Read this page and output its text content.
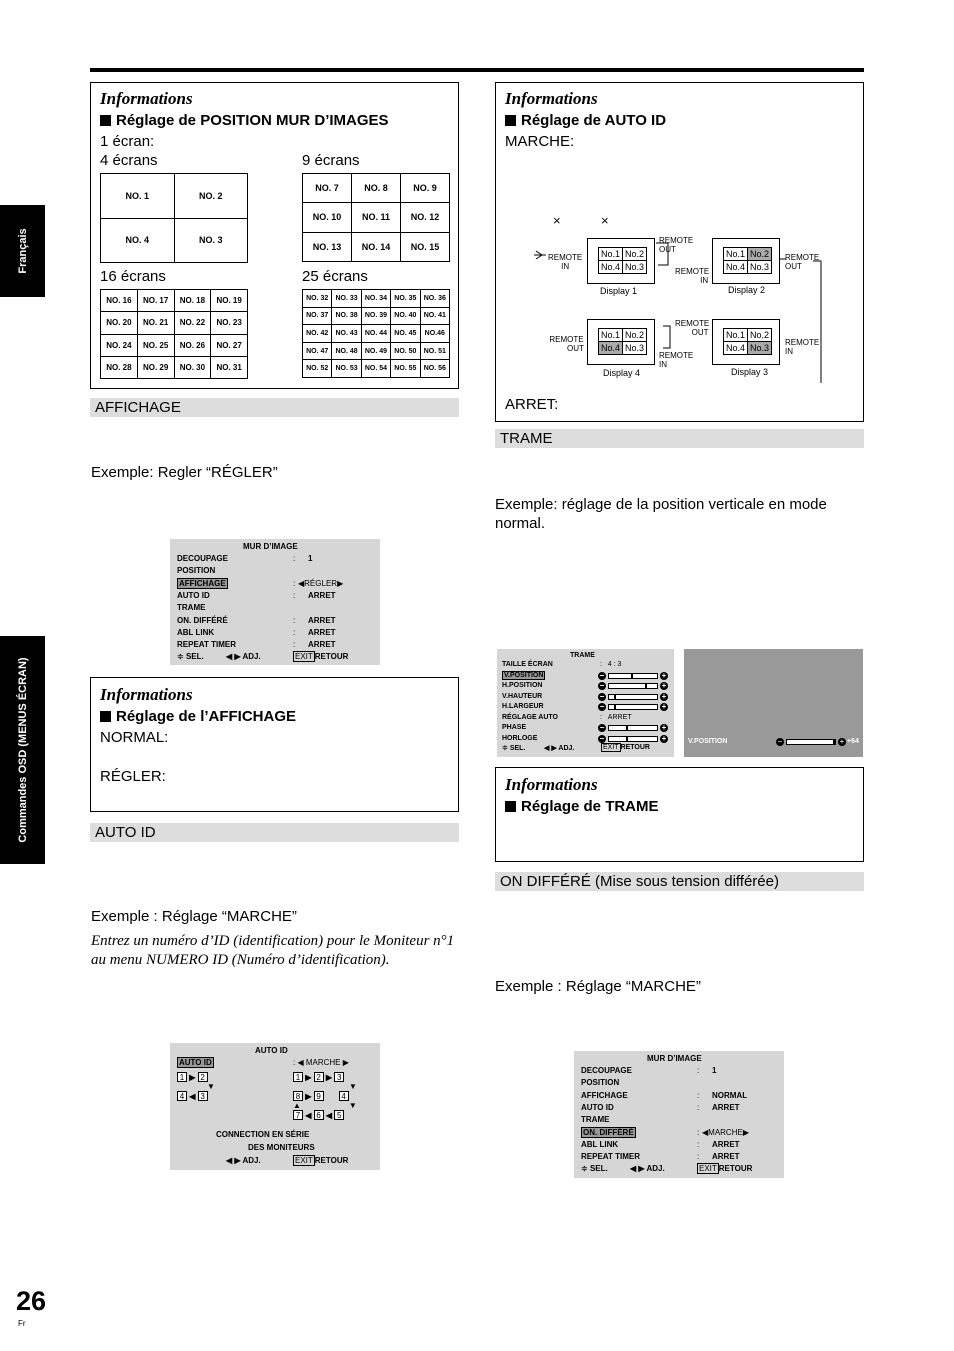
Français
Commandes OSD (MENUS ÉCRAN)
26
Fr
Informations
Réglage de POSITION MUR D’IMAGES
1 écran:
4 écrans	9 écrans
16 écrans	25 écrans
NO. 1	NO. 2
NO. 4	NO. 3
NO. 7	NO. 8	NO. 9
NO. 10	NO. 11	NO. 12
NO. 13	NO. 14	NO. 15
NO. 16	NO. 17	NO. 18	NO. 19
NO. 20	NO. 21	NO. 22	NO. 23
NO. 24	NO. 25	NO. 26	NO. 27
NO. 28	NO. 29	NO. 30	NO. 31
NO. 32	NO. 33	NO. 34	NO. 35	NO. 36
NO. 37	NO. 38	NO. 39	NO. 40	NO. 41
NO. 42	NO. 43	NO. 44	NO. 45	NO.46
NO. 47	NO. 48	NO. 49	NO. 50	NO. 51
NO. 52	NO. 53	NO. 54	NO. 55	NO. 56
AFFICHAGE
Exemple: Regler “RÉGLER”
MUR D’IMAGE
DECOUPAGE	: 1
POSITION
AFFICHAGE	: ◀RÉGLER▶
AUTO ID	: ARRET
TRAME
ON. DIFFÉRÉ	: ARRET
ABL LINK	: ARRET
REPEAT TIMER	: ARRET
≑ SEL.	◀ ▶ ADJ.	EXIT RETOUR
Informations
Réglage de l’AFFICHAGE
NORMAL:
RÉGLER:
AUTO ID
Exemple : Réglage “MARCHE”
Entrez un numéro d’ID (identification) pour le Moniteur n°1 au menu NUMERO ID (Numéro d’identification).
AUTO ID
AUTO ID	: ◀ MARCHE ▶
1 ▶ 2
▼
4 ◀ 3
1 ▶ 2 ▶ 3
▼
8 ▶ 9	4
▲	▼
7 ◀ 6 ◀ 5
CONNECTION EN SÉRIE
DES MONITEURS
◀ ▶ ADJ.	EXIT RETOUR
Informations
Réglage de AUTO ID
MARCHE:
×	×
REMOTE
IN
REMOTE
OUT
REMOTE
IN
REMOTE
OUT
REMOTE
OUT
REMOTE
OUT
REMOTE
IN
REMOTE
IN
No.1 No.2
No.4 No.3
Display 1
No.1 No.2
No.4 No.3
Display 2
No.1 No.2
No.4 No.3
Display 4
No.1 No.2
No.4 No.3
Display 3
ARRET:
TRAME
Exemple: réglage de la position verticale en mode normal.
TRAME
TAILLE ÉCRAN	: 4 : 3
V.POSITION	−	+
H.POSITION	−	+
V.HAUTEUR	−	+
H.LARGEUR	−	+
RÉGLAGE AUTO	: ARRET
PHASE	−	+
HORLOGE	−	+
≑ SEL.	◀ ▶ ADJ.	EXIT RETOUR
V.POSITION	−	+ +64
Informations
Réglage de TRAME
ON DIFFÉRÉ (Mise sous tension différée)
Exemple : Réglage “MARCHE”
MUR D’IMAGE
DECOUPAGE	: 1
POSITION
AFFICHAGE	: NORMAL
AUTO ID	: ARRET
TRAME
ON. DIFFÉRÉ	: ◀MARCHE▶
ABL LINK	: ARRET
REPEAT TIMER	: ARRET
≑ SEL.	◀ ▶ ADJ.	EXIT RETOUR
